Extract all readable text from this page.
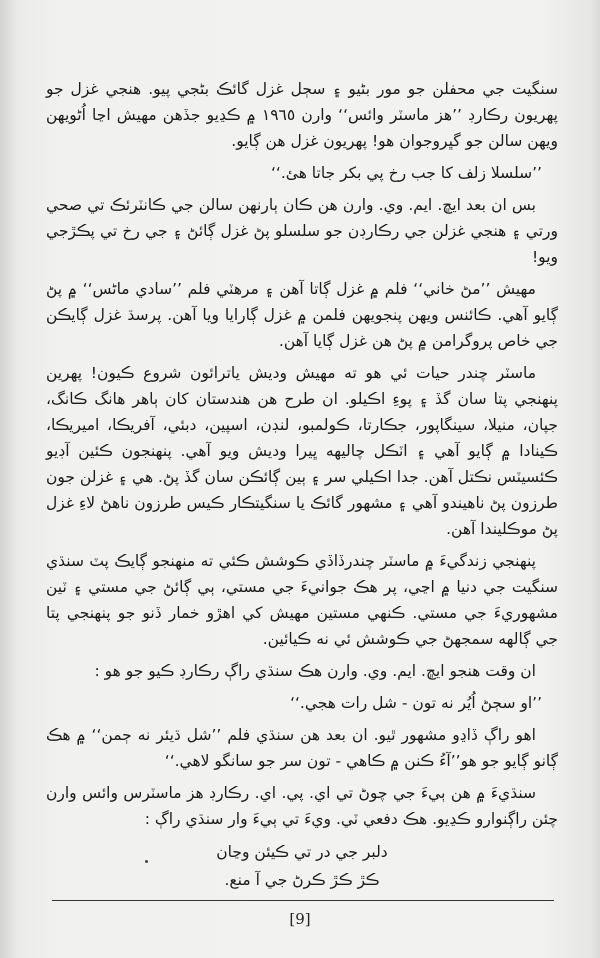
سنگيت جي محفلن جو مور بڻيو ۽ سڄل غزل گائڪ بڻجي پيو. هنجي غزل جو پهريون رڪارڊ ’’هز ماسٽر وائس‘‘ وارن ١٩٦٥ ۾ ڪڍيو جڏهن مهيش اڃا اُڻويهن ويهن سالن جو گڀروجوان هو! پهريون غزل هن ڳايو.

’’سلسلا زلف کا جب رخ پي بکر جاتا هئ.‘‘

بس ان بعد ايڇ. ايم. وي. وارن هن ڪان ٻارنهن سالن جي ڪانٽرئڪ تي صحي ورتي ۽ هنجي غزلن جي رڪارڊن جو سلسلو پڻ غزل ڳائڻ ۽ جي رخ تي پڪڙجي ويو!

مهيش ’’مڻ خاني‘‘ فلم ۾ غزل ڳاتا آهن ۽ مرهٽي فلم ’’سادي ماڻس‘‘ ۾ پڻ ڳايو آهي. ڪائنس ويهن پنجويهن فلمن ۾ غزل ڳارايا ويا آهن. پرسڌ غزل ڳايڪن جي خاص پروگرامن ۾ پڻ هن غزل ڳايا آهن.

ماسٽر چندر حيات ئي هو ته مهيش وديش ياترائون شروع ڪيون! پهرين پنهنجي پتا سان گڏ ۽ پوءِ اڪيلو. ان طرح هن هندستان کان ٻاهر هانگ ڪانگ، جپان، منيلا، سينگاپور، جڪارتا، ڪولمبو، لنڊن، اسپين، دبئي، آفريڪا، اميريڪا، ڪينادا ۾ ڳايو آهي ۽ اٽڪل چاليهه ڀيرا وديش ويو آهي. پنهنجون ڪئين آڊيو ڪئسيٽس نڪتل آهن. جدا اڪيلي سر ۽ ٻين ڳائڪن سان گڏ پڻ. هي ۽ غزلن جون طرزون پڻ ناهيندو آهي ۽ مشهور گائڪ يا سنگيتڪار ڪيس طرزون ناهڻ لاءِ غزل پڻ موڪليندا آهن.

پنهنجي زندگيءَ ۾ ماسٽر چندرڏاڏي ڪوشش ڪئي ته منهنجو ڳايڪ پٽ سنڌي سنگيت جي دنيا ۾ اڃي، پر هڪ جوانيءَ جي مستي، ٻي ڳائڻ جي مستي ۽ ٽين مشهوريءَ جي مستي. ڪنهي مستين مهيش کي اهڙو خمار ڏنو جو پنهنجي پتا جي ڳالهه سمجهڻ جي ڪوشش ئي نه ڪيائين.

ان وقت هنجو ايڇ. ايم. وي. وارن هڪ سنڌي راڳ رڪارڊ ڪيو جو هو :

’’او سڄڻ اُيُر نه تون - شل رات هجي.‘‘

اهو راڳ ڏاڍو مشهور ٿيو. ان بعد هن سنڌي فلم ’’شل ڌيئر نه ڄمن‘‘ ۾ هڪ ڳانو ڳايو جو هو’’آءُ ڪنن ۾ ڪاهي - تون سر جو سانگو لاهي.‘‘

سنڌيءَ ۾ هن ٻيءَ جي چوڻ تي اي. پي. اي. رڪارڊ هز ماسٽرس وائس وارن چئن راڳنوارو ڪڍيو. هڪ دفعي ٽي. ويءَ تي ٻيءَ وار سنڌي راڳ :

دلبر جي در تي ڪيئن وڃان

ڪڙ ڪڙ ڪرڻ جي آ منع.

[9]
